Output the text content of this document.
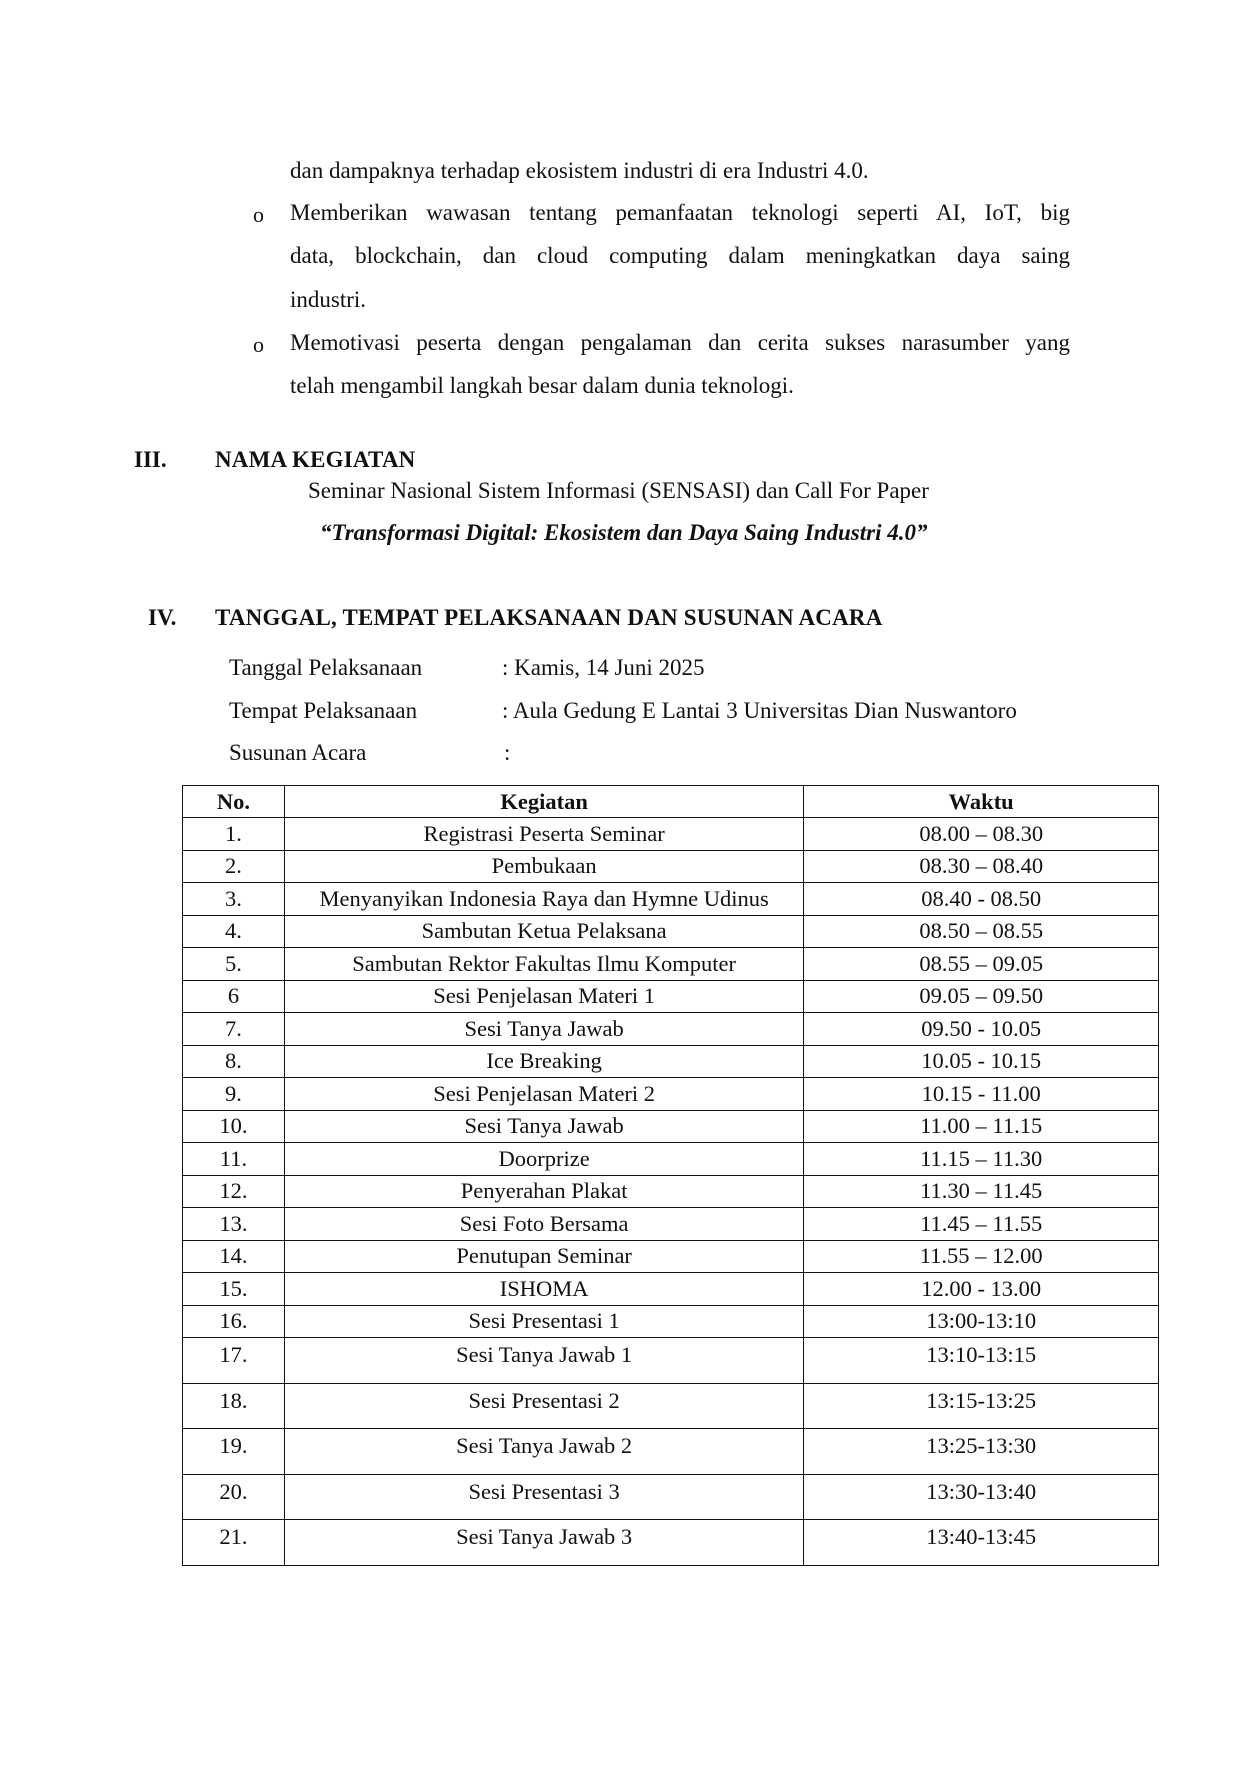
dan dampaknya terhadap ekosistem industri di era Industri 4.0.
o Memberikan wawasan tentang pemanfaatan teknologi seperti AI, IoT, big
data, blockchain, dan cloud computing dalam meningkatkan daya saing
industri.
o Memotivasi peserta dengan pengalaman dan cerita sukses narasumber yang
telah mengambil langkah besar dalam dunia teknologi.
III. NAMA KEGIATAN
Seminar Nasional Sistem Informasi (SENSASI) dan Call For Paper
“Transformasi Digital: Ekosistem dan Daya Saing Industri 4.0”
IV. TANGGAL, TEMPAT PELAKSANAAN DAN SUSUNAN ACARA
Tanggal Pelaksanaan	: Kamis, 14 Juni 2025
Tempat Pelaksanaan	: Aula Gedung E Lantai 3 Universitas Dian Nuswantoro
Susunan Acara	:
No.	Kegiatan	Waktu
1.	Registrasi Peserta Seminar	08.00 – 08.30
2.	Pembukaan	08.30 – 08.40
3.	Menyanyikan Indonesia Raya dan Hymne Udinus	08.40 - 08.50
4.	Sambutan Ketua Pelaksana	08.50 – 08.55
5.	Sambutan Rektor Fakultas Ilmu Komputer	08.55 – 09.05
6	Sesi Penjelasan Materi 1	09.05 – 09.50
7.	Sesi Tanya Jawab	09.50 - 10.05
8.	Ice Breaking	10.05 - 10.15
9.	Sesi Penjelasan Materi 2	10.15 - 11.00
10.	Sesi Tanya Jawab	11.00 – 11.15
11.	Doorprize	11.15 – 11.30
12.	Penyerahan Plakat	11.30 – 11.45
13.	Sesi Foto Bersama	11.45 – 11.55
14.	Penutupan Seminar	11.55 – 12.00
15.	ISHOMA	12.00 - 13.00
16.	Sesi Presentasi 1	13:00-13:10
17.	Sesi Tanya Jawab 1	13:10-13:15
18.	Sesi Presentasi 2	13:15-13:25
19.	Sesi Tanya Jawab 2	13:25-13:30
20.	Sesi Presentasi 3	13:30-13:40
21.	Sesi Tanya Jawab 3	13:40-13:45
